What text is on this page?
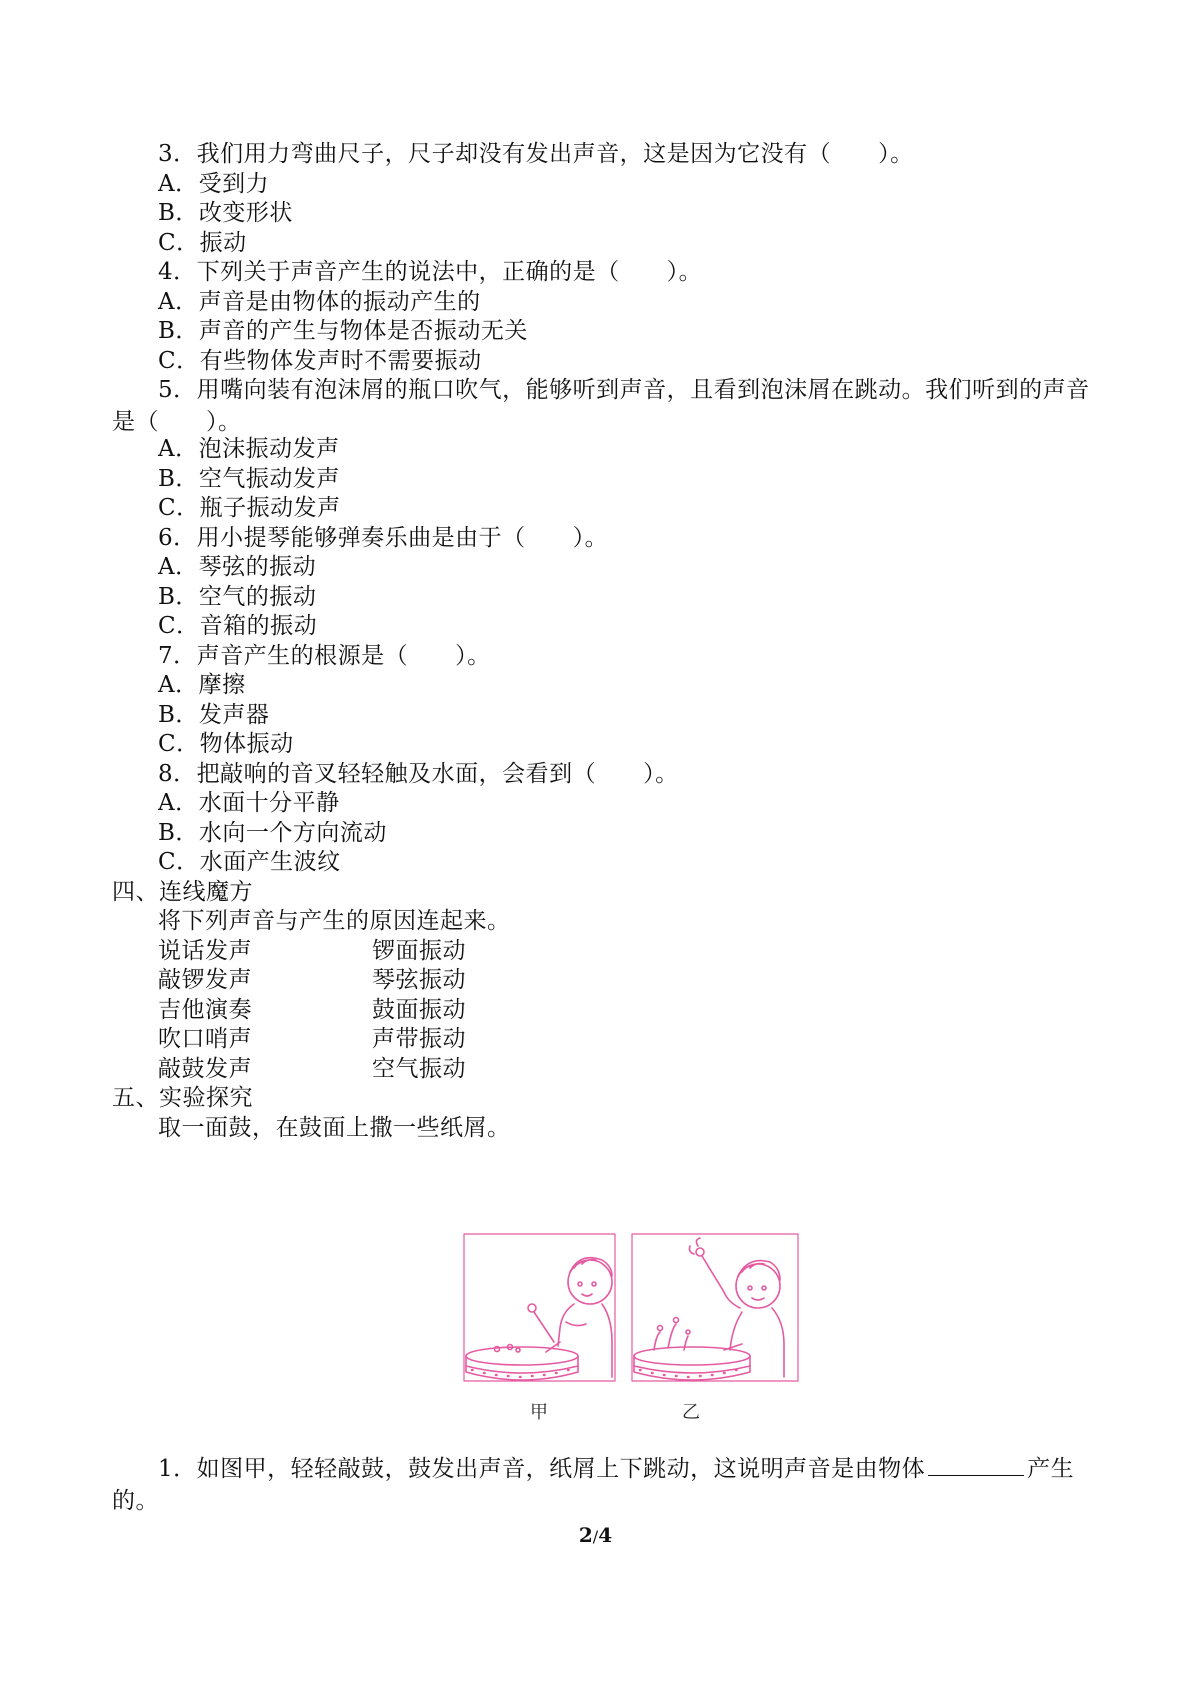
3．我们用力弯曲尺子，尺子却没有发出声音，这是因为它没有（　　）。
A．受到力
B．改变形状
C．振动
4．下列关于声音产生的说法中，正确的是（　　）。
A．声音是由物体的振动产生的
B．声音的产生与物体是否振动无关
C．有些物体发声时不需要振动
5．用嘴向装有泡沫屑的瓶口吹气，能够听到声音，且看到泡沫屑在跳动。我们听到的声音是（　　）。
A．泡沫振动发声
B．空气振动发声
C．瓶子振动发声
6．用小提琴能够弹奏乐曲是由于（　　）。
A．琴弦的振动
B．空气的振动
C．音箱的振动
7．声音产生的根源是（　　）。
A．摩擦
B．发声器
C．物体振动
8．把敲响的音叉轻轻触及水面，会看到（　　）。
A．水面十分平静
B．水向一个方向流动
C．水面产生波纹
四、连线魔方
将下列声音与产生的原因连起来。
说话发声	锣面振动
敲锣发声	琴弦振动
吉他演奏	鼓面振动
吹口哨声	声带振动
敲鼓发声	空气振动
五、实验探究
取一面鼓，在鼓面上撒一些纸屑。
甲	乙
1．如图甲，轻轻敲鼓，鼓发出声音，纸屑上下跳动，这说明声音是由物体	产生的。
2/4
